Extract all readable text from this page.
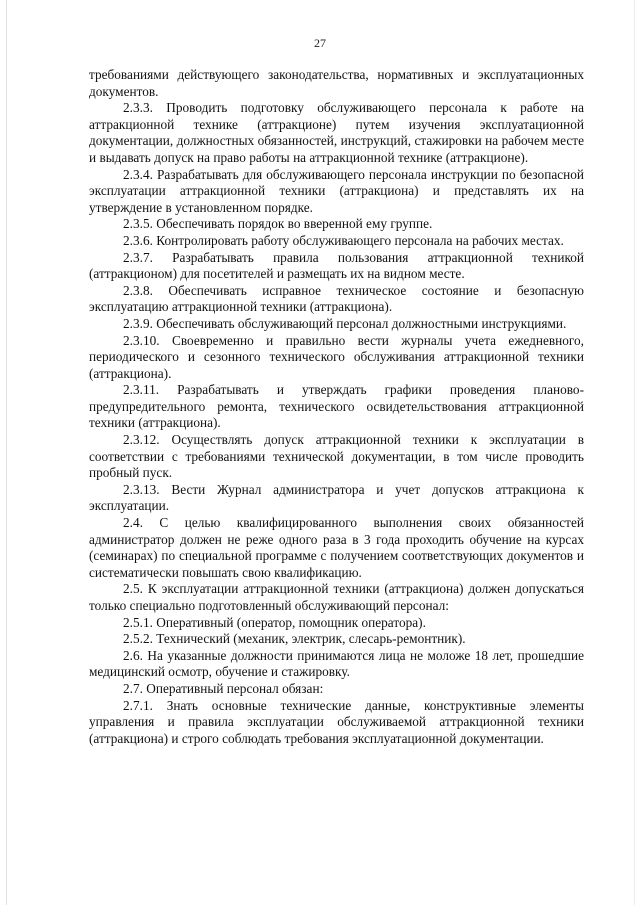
27

требованиями действующего законодательства, нормативных и эксплуатационных документов.

2.3.3. Проводить подготовку обслуживающего персонала к работе на аттракционной технике (аттракционе) путем изучения эксплуатационной документации, должностных обязанностей, инструкций, стажировки на рабочем месте и выдавать допуск на право работы на аттракционной технике (аттракционе).

2.3.4. Разрабатывать для обслуживающего персонала инструкции по безопасной эксплуатации аттракционной техники (аттракциона) и представлять их на утверждение в установленном порядке.

2.3.5. Обеспечивать порядок во вверенной ему группе.

2.3.6. Контролировать работу обслуживающего персонала на рабочих местах.

2.3.7. Разрабатывать правила пользования аттракционной техникой (аттракционом) для посетителей и размещать их на видном месте.

2.3.8. Обеспечивать исправное техническое состояние и безопасную эксплуатацию аттракционной техники (аттракциона).

2.3.9. Обеспечивать обслуживающий персонал должностными инструкциями.

2.3.10. Своевременно и правильно вести журналы учета ежедневного, периодического и сезонного технического обслуживания аттракционной техники (аттракциона).

2.3.11. Разрабатывать и утверждать графики проведения планово-предупредительного ремонта, технического освидетельствования аттракционной техники (аттракциона).

2.3.12. Осуществлять допуск аттракционной техники к эксплуатации в соответствии с требованиями технической документации, в том числе проводить пробный пуск.

2.3.13. Вести Журнал администратора и учет допусков аттракциона к эксплуатации.

2.4. С целью квалифицированного выполнения своих обязанностей администратор должен не реже одного раза в 3 года проходить обучение на курсах (семинарах) по специальной программе с получением соответствующих документов и систематически повышать свою квалификацию.

2.5. К эксплуатации аттракционной техники (аттракциона) должен допускаться только специально подготовленный обслуживающий персонал:

2.5.1. Оперативный (оператор, помощник оператора).

2.5.2. Технический (механик, электрик, слесарь-ремонтник).

2.6. На указанные должности принимаются лица не моложе 18 лет, прошедшие медицинский осмотр, обучение и стажировку.

2.7. Оперативный персонал обязан:

2.7.1. Знать основные технические данные, конструктивные элементы управления и правила эксплуатации обслуживаемой аттракционной техники (аттракциона) и строго соблюдать требования эксплуатационной документации.
